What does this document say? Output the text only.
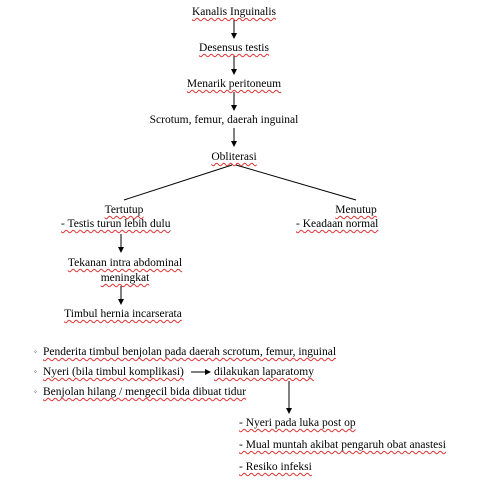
Kanalis Inguinalis
Desensus testis
Menarik peritoneum
Scrotum, femur, daerah inguinal
Obliterasi
Tertutup
- Testis turun lebih dulu
Menutup
- Keadaan normal
Tekanan intra abdominal
meningkat
Timbul hernia incarserata
◦ Penderita timbul benjolan pada daerah scrotum, femur, inguinal
◦ Nyeri (bila timbul komplikasi)	dilakukan laparatomy
◦ Benjolan hilang / mengecil bida dibuat tidur
- Nyeri pada luka post op
- Mual muntah akibat pengaruh obat anastesi
- Resiko infeksi
